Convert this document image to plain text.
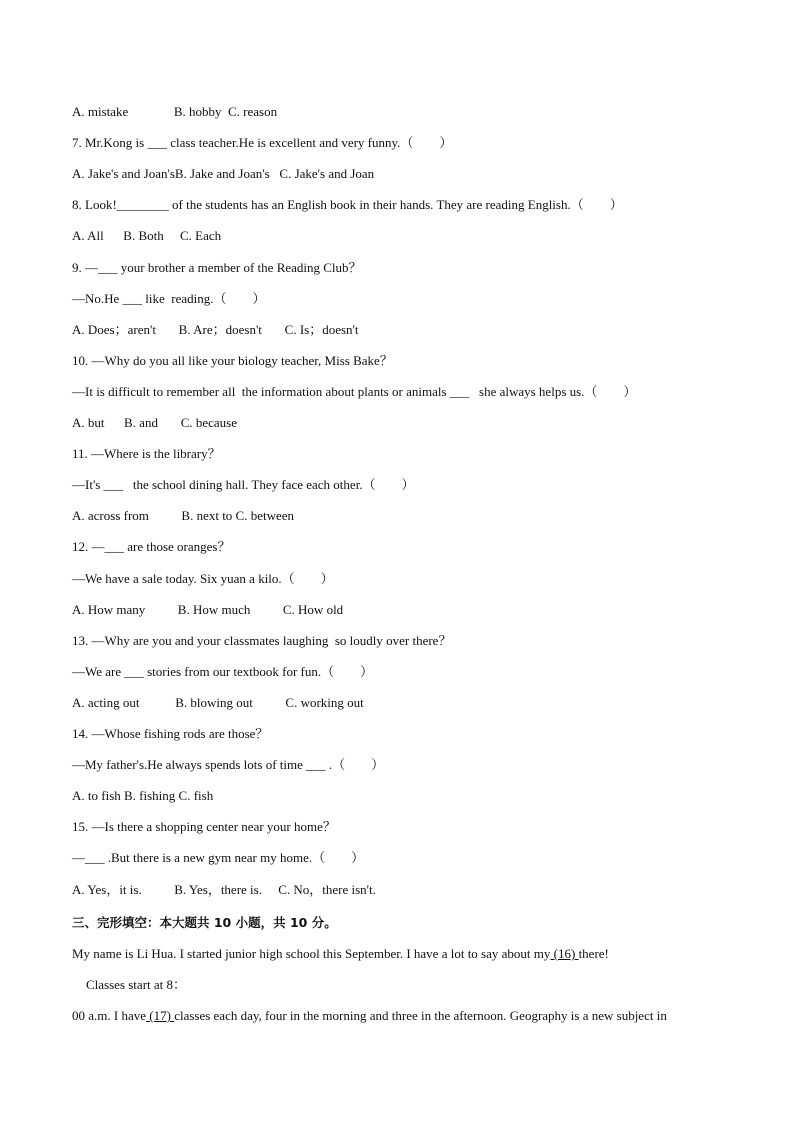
A. mistake              B. hobby  C. reason
7. Mr.Kong is ___ class teacher.He is excellent and very funny.（        ）
A. Jake's and Joan'sB. Jake and Joan's   C. Jake's and Joan
8. Look!________ of the students has an English book in their hands. They are reading English.（        ）
A. All      B. Both     C. Each
9. —___ your brother a member of the Reading Club？
—No.He ___ like  reading.（        ）
A. Does；aren't       B. Are；doesn't       C. Is；doesn't
10. —Why do you all like your biology teacher, Miss Bake？
—It is difficult to remember all  the information about plants or animals ___   she always helps us.（        ）
A. but      B. and       C. because
11. —Where is the library？
—It's ___   the school dining hall. They face each other.（        ）
A. across from          B. next to C. between
12. —___ are those oranges？
—We have a sale today. Six yuan a kilo.（        ）
A. How many          B. How much          C. How old
13. —Why are you and your classmates laughing  so loudly over there？
—We are ___ stories from our textbook for fun.（        ）
A. acting out           B. blowing out          C. working out
14. —Whose fishing rods are those？
—My father's.He always spends lots of time ___ .（        ）
A. to fish B. fishing C. fish
15. —Is there a shopping center near your home？
—___ .But there is a new gym near my home.（        ）
A. Yes，it is.          B. Yes，there is.     C. No，there isn't.
三、完形填空：本大题共 10 小题，共 10 分。
My name is Li Hua. I started junior high school this September. I have a lot to say about my (16) there!
Classes start at 8：
00 a.m. I have (17) classes each day, four in the morning and three in the afternoon. Geography is a new subject in
